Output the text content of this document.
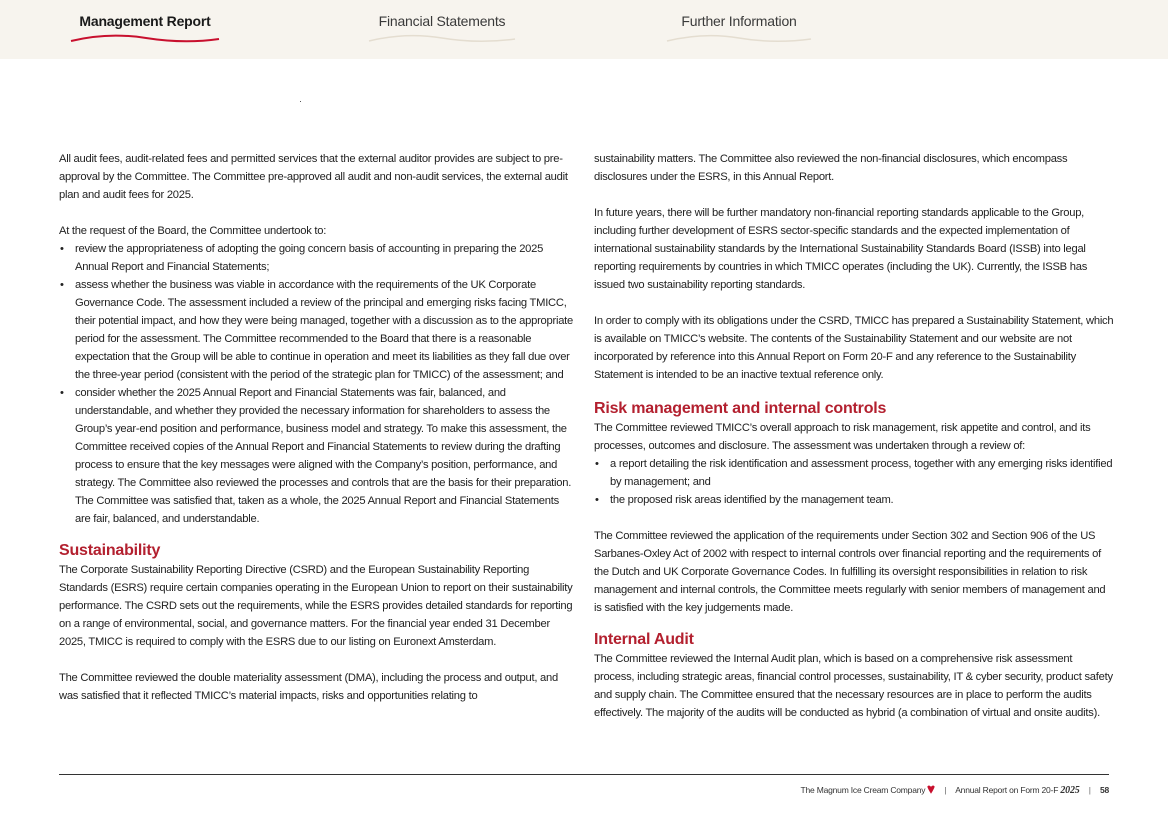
Management Report	Financial Statements	Further Information

All audit fees, audit-related fees and permitted services that the external auditor provides are subject to pre-approval by the Committee. The Committee pre-approved all audit and non-audit services, the external audit plan and audit fees for 2025.

At the request of the Board, the Committee undertook to:

• review the appropriateness of adopting the going concern basis of accounting in preparing the 2025 Annual Report and Financial Statements;
• assess whether the business was viable in accordance with the requirements of the UK Corporate Governance Code. The assessment included a review of the principal and emerging risks facing TMICC, their potential impact, and how they were being managed, together with a discussion as to the appropriate period for the assessment. The Committee recommended to the Board that there is a reasonable expectation that the Group will be able to continue in operation and meet its liabilities as they fall due over the three-year period (consistent with the period of the strategic plan for TMICC) of the assessment; and
• consider whether the 2025 Annual Report and Financial Statements was fair, balanced, and understandable, and whether they provided the necessary information for shareholders to assess the Group’s year-end position and performance, business model and strategy. To make this assessment, the Committee received copies of the Annual Report and Financial Statements to review during the drafting process to ensure that the key messages were aligned with the Company’s position, performance, and strategy. The Committee also reviewed the processes and controls that are the basis for their preparation. The Committee was satisfied that, taken as a whole, the 2025 Annual Report and Financial Statements are fair, balanced, and understandable.
Sustainability

The Corporate Sustainability Reporting Directive (CSRD) and the European Sustainability Reporting Standards (ESRS) require certain companies operating in the European Union to report on their sustainability performance. The CSRD sets out the requirements, while the ESRS provides detailed standards for reporting on a range of environmental, social, and governance matters. For the financial year ended 31 December 2025, TMICC is required to comply with the ESRS due to our listing on Euronext Amsterdam.

The Committee reviewed the double materiality assessment (DMA), including the process and output, and was satisfied that it reflected TMICC’s material impacts, risks and opportunities relating to

sustainability matters. The Committee also reviewed the non-financial disclosures, which encompass disclosures under the ESRS, in this Annual Report.

In future years, there will be further mandatory non-financial reporting standards applicable to the Group, including further development of ESRS sector-specific standards and the expected implementation of international sustainability standards by the International Sustainability Standards Board (ISSB) into legal reporting requirements by countries in which TMICC operates (including the UK). Currently, the ISSB has issued two sustainability reporting standards.

In order to comply with its obligations under the CSRD, TMICC has prepared a Sustainability Statement, which is available on TMICC’s website. The contents of the Sustainability Statement and our website are not incorporated by reference into this Annual Report on Form 20-F and any reference to the Sustainability Statement is intended to be an inactive textual reference only.

Risk management and internal controls

The Committee reviewed TMICC’s overall approach to risk management, risk appetite and control, and its processes, outcomes and disclosure. The assessment was undertaken through a review of:

• a report detailing the risk identification and assessment process, together with any emerging risks identified by management; and
• the proposed risk areas identified by the management team.

The Committee reviewed the application of the requirements under Section 302 and Section 906 of the US Sarbanes-Oxley Act of 2002 with respect to internal controls over financial reporting and the requirements of the Dutch and UK Corporate Governance Codes. In fulfilling its oversight responsibilities in relation to risk management and internal controls, the Committee meets regularly with senior members of management and is satisfied with the key judgements made.

Internal Audit

The Committee reviewed the Internal Audit plan, which is based on a comprehensive risk assessment process, including strategic areas, financial control processes, sustainability, IT & cyber security, product safety and supply chain. The Committee ensured that the necessary resources are in place to perform the audits effectively. The majority of the audits will be conducted as hybrid (a combination of virtual and onsite audits).

The Magnum Ice Cream Company | Annual Report on Form 20-F 2025 | 58
